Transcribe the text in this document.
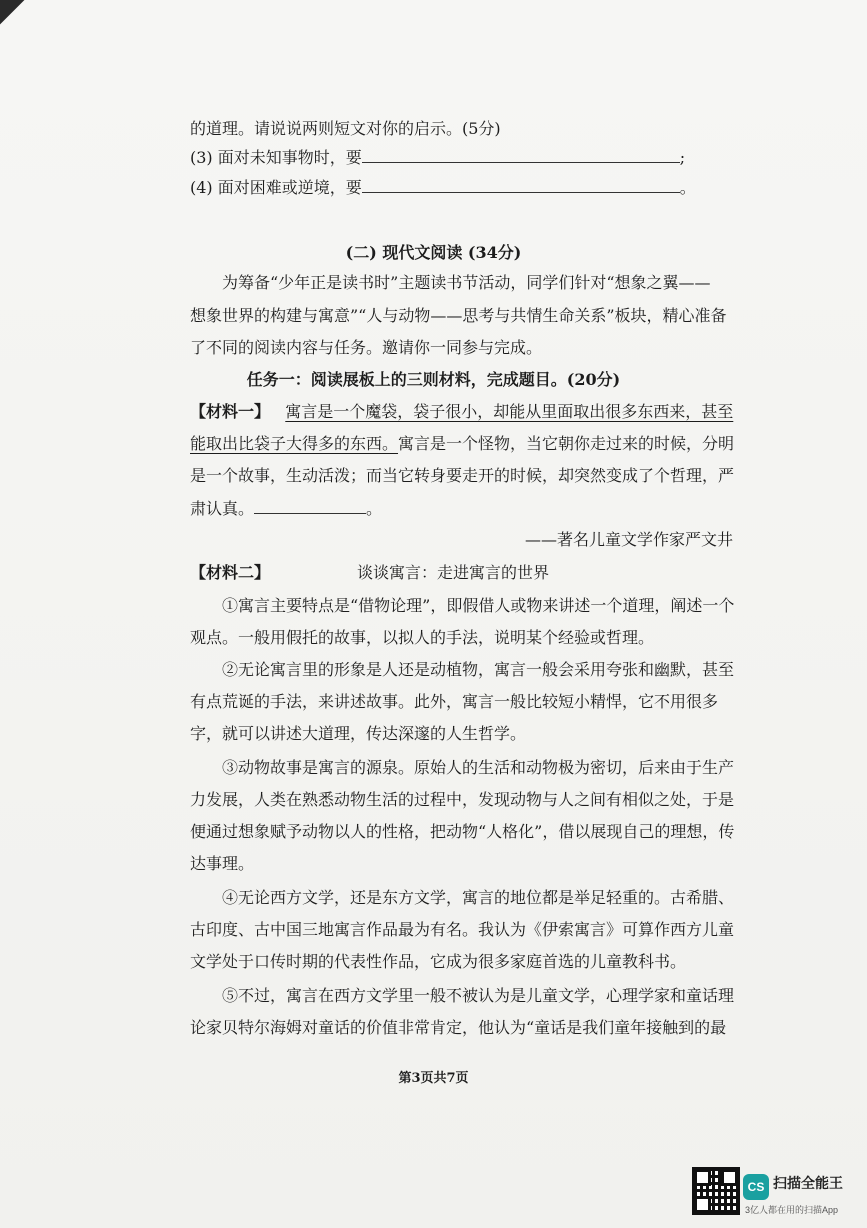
的道理。请说说两则短文对你的启示。(5分)
(3) 面对未知事物时，要	;
(4) 面对困难或逆境，要	。
(二) 现代文阅读 (34分)
为筹备“少年正是读书时”主题读书节活动，同学们针对“想象之翼——
想象世界的构建与寓意”“人与动物——思考与共情生命关系”板块，精心准备
了不同的阅读内容与任务。邀请你一同参与完成。
任务一：阅读展板上的三则材料，完成题目。(20分)
【材料一】 寓言是一个魔袋，袋子很小，却能从里面取出很多东西来，甚至
能取出比袋子大得多的东西。寓言是一个怪物，当它朝你走过来的时候，分明
是一个故事，生动活泼；而当它转身要走开的时候，却突然变成了个哲理，严
肃认真。	。
——著名儿童文学作家严文井
【材料二】	谈谈寓言：走进寓言的世界
①寓言主要特点是“借物论理”，即假借人或物来讲述一个道理，阐述一个
观点。一般用假托的故事，以拟人的手法，说明某个经验或哲理。
②无论寓言里的形象是人还是动植物，寓言一般会采用夸张和幽默，甚至
有点荒诞的手法，来讲述故事。此外，寓言一般比较短小精悍，它不用很多
字，就可以讲述大道理，传达深邃的人生哲学。
③动物故事是寓言的源泉。原始人的生活和动物极为密切，后来由于生产
力发展，人类在熟悉动物生活的过程中，发现动物与人之间有相似之处，于是
便通过想象赋予动物以人的性格，把动物“人格化”，借以展现自己的理想，传
达事理。
④无论西方文学，还是东方文学，寓言的地位都是举足轻重的。古希腊、
古印度、古中国三地寓言作品最为有名。我认为《伊索寓言》可算作西方儿童
文学处于口传时期的代表性作品，它成为很多家庭首选的儿童教科书。
⑤不过，寓言在西方文学里一般不被认为是儿童文学，心理学家和童话理
论家贝特尔海姆对童话的价值非常肯定，他认为“童话是我们童年接触到的最
第3页共7页
CS 扫描全能王
3亿人都在用的扫描App
